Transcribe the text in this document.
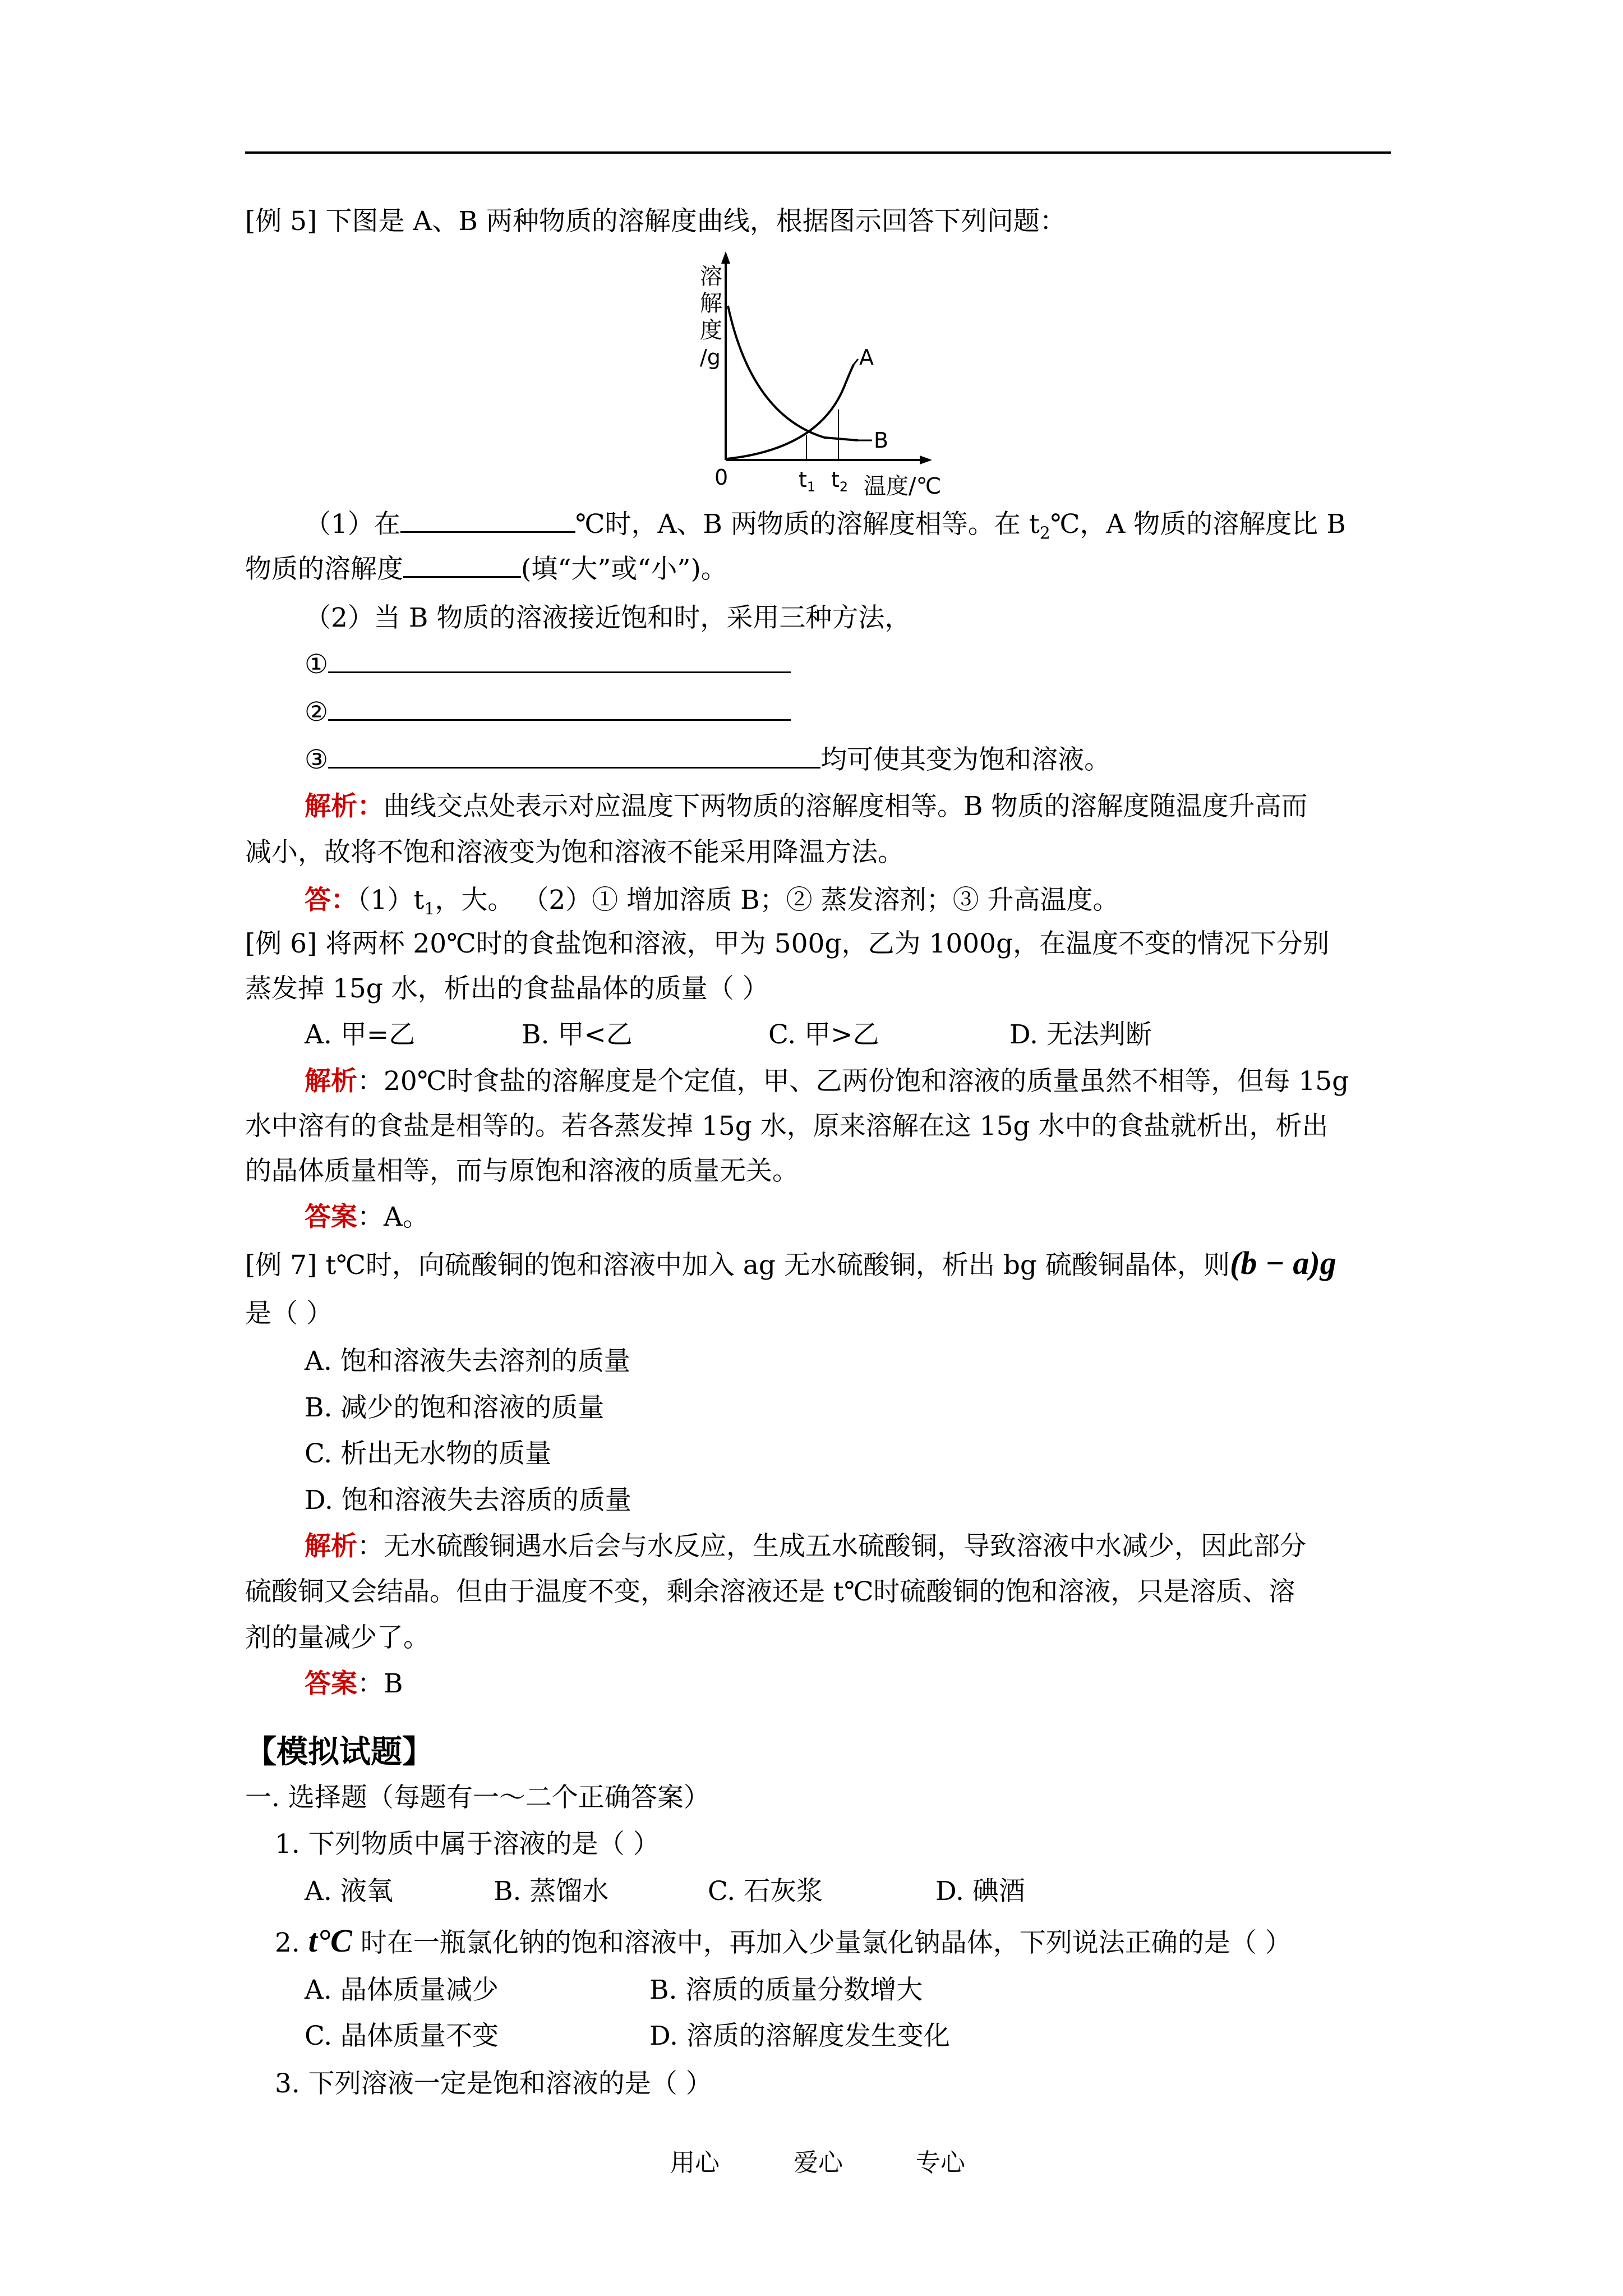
[例 5] 下图是 A、B 两种物质的溶解度曲线，根据图示回答下列问题：
溶
解
度
/g
0
A
B
$t_1$ $t_2$ 温度/℃
（1）在	℃时，A、B 两物质的溶解度相等。在 $t_2℃$，A 物质的溶解度比 B
物质的溶解度	(填“大”或“小”)。
（2）当 B 物质的溶液接近饱和时，采用三种方法，
①
②
③	均可使其变为饱和溶液。
解析：曲线交点处表示对应温度下两物质的溶解度相等。B 物质的溶解度随温度升高而
减小，故将不饱和溶液变为饱和溶液不能采用降温方法。
答：$(1)t_1$，大。 （2）① 增加溶质 B；② 蒸发溶剂；③ 升高温度。
[例 6] 将两杯 20℃时的食盐饱和溶液，甲为 500g，乙为 1000g，在温度不变的情况下分别
蒸发掉 15g 水，析出的食盐晶体的质量（ ）
A. 甲=乙	B. 甲<乙	C. 甲>乙	D. 无法判断
解析：20℃时食盐的溶解度是个定值，甲、乙两份饱和溶液的质量虽然不相等，但每 15g
水中溶有的食盐是相等的。若各蒸发掉 15g 水，原来溶解在这 15g 水中的食盐就析出，析出
的晶体质量相等，而与原饱和溶液的质量无关。
答案：A。
[例 7] t℃时，向硫酸铜的饱和溶液中加入 ag 无水硫酸铜，析出 bg 硫酸铜晶体，则(b − a)g
是（ ）
A. 饱和溶液失去溶剂的质量
B. 减少的饱和溶液的质量
C. 析出无水物的质量
D. 饱和溶液失去溶质的质量
解析：无水硫酸铜遇水后会与水反应，生成五水硫酸铜，导致溶液中水减少，因此部分
硫酸铜又会结晶。但由于温度不变，剩余溶液还是 t℃时硫酸铜的饱和溶液，只是溶质、溶
剂的量减少了。
答案：B
【模拟试题】
一. 选择题（每题有一～二个正确答案）
1. 下列物质中属于溶液的是（ ）
A. 液氧	B. 蒸馏水	C. 石灰浆	D. 碘酒
2. t°C 时在一瓶氯化钠的饱和溶液中，再加入少量氯化钠晶体，下列说法正确的是（ ）
A. 晶体质量减少	B. 溶质的质量分数增大
C. 晶体质量不变	D. 溶质的溶解度发生变化
3. 下列溶液一定是饱和溶液的是（ ）
用心	爱心	专心
